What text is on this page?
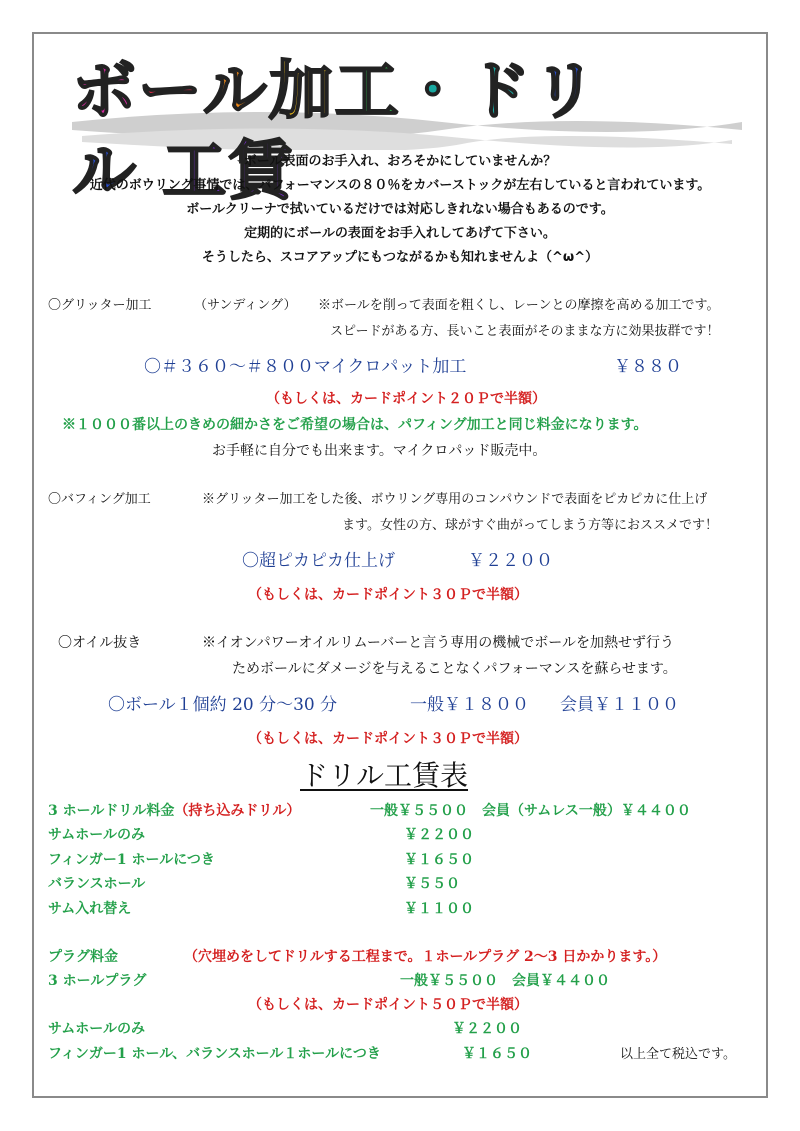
ボール加工・ドリル 工賃
ボール表面のお手入れ、おろそかにしていませんか？
近代のボウリング事情では、パフォーマンスの８０％をカバーストックが左右していると言われています。
ボールクリーナで拭いているだけでは対応しきれない場合もあるのです。
定期的にボールの表面をお手入れしてあげて下さい。
そうしたら、スコアアップにもつながるかも知れませんよ（^ω^）
〇グリッター加工	（サンディング） ※ボールを削って表面を粗くし、レーンとの摩擦を高める加工です。
スピードがある方、長いこと表面がそのままな方に効果抜群です！
〇＃３６０～＃８００マイクロパット加工	￥８８０
（もしくは、カードポイント２０Ｐで半額）
※１０００番以上のきめの細かさをご希望の場合は、パフィング加工と同じ料金になります。
お手軽に自分でも出来ます。マイクロパッド販売中。
〇バフィング加工	※グリッター加工をした後、ボウリング専用のコンパウンドで表面をピカピカに仕上げ
ます。女性の方、球がすぐ曲がってしまう方等におススメです！
〇超ピカピカ仕上げ	￥２２００
（もしくは、カードポイント３０Ｐで半額）
〇オイル抜き	※イオンパワーオイルリムーバーと言う専用の機械でボールを加熱せず行う
ためボールにダメージを与えることなくパフォーマンスを蘇らせます。
〇ボール１個約 20 分～30 分	一般￥１８００ 会員￥１１００
（もしくは、カードポイント３０Ｐで半額）
ドリル工賃表
3 ホールドリル料金（持ち込みドリル）	一般￥５５００　会員（サムレス一般）￥４４００
サムホールのみ	￥２２００
フィンガー1 ホールにつき	￥１６５０
バランスホール	￥５５０
サム入れ替え	￥１１００
プラグ料金	（穴埋めをしてドリルする工程まで。１ホールプラグ 2～3 日かかります。）
3 ホールプラグ	一般￥５５００　会員￥４４００
（もしくは、カードポイント５０Ｐで半額）
サムホールのみ	￥２２００
フィンガー1 ホール、バランスホール１ホールにつき	￥１６５０	以上全て税込です。
